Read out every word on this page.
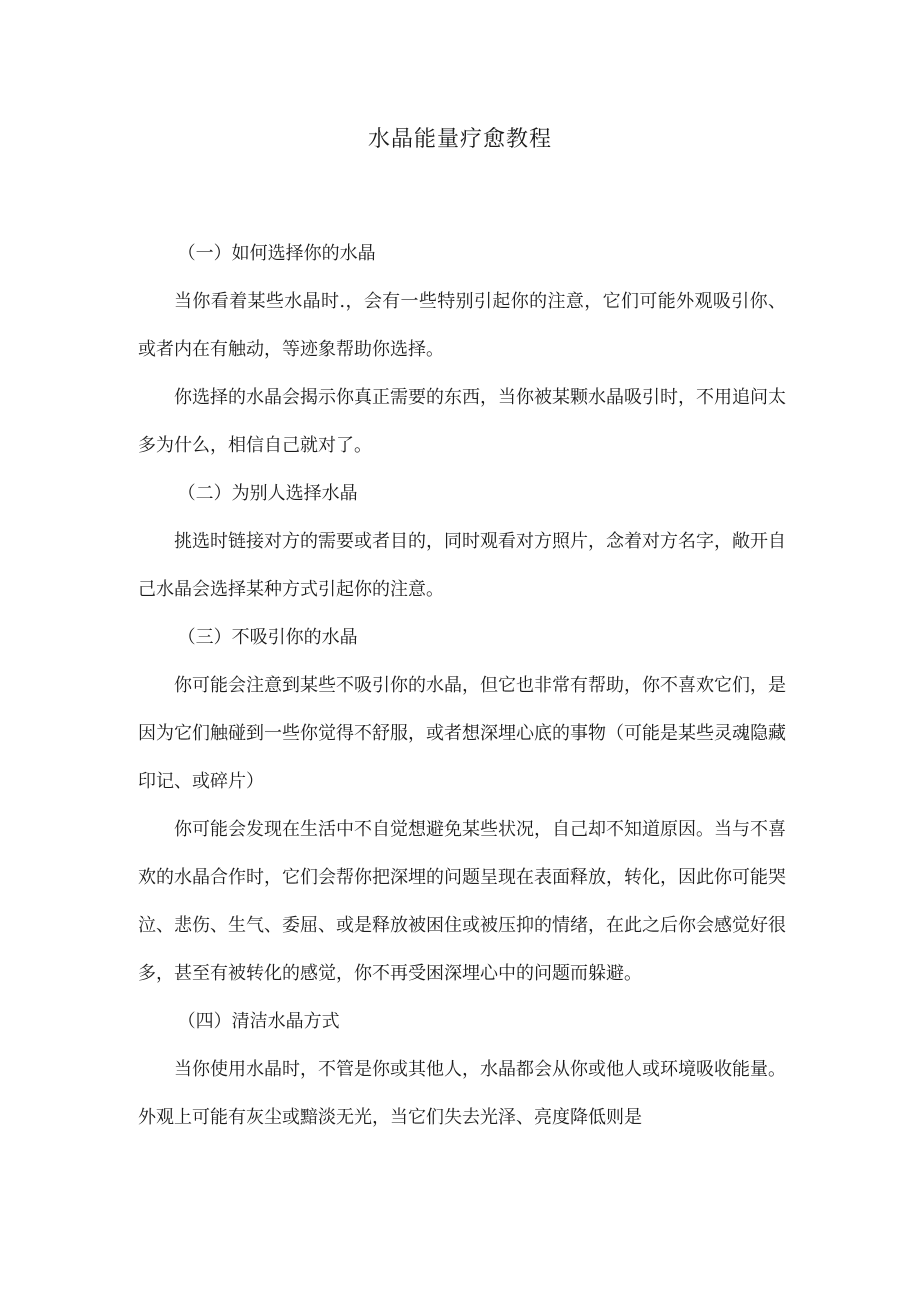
水晶能量疗愈教程

（一）如何选择你的水晶

当你看着某些水晶时.，会有一些特别引起你的注意，它们可能外观吸引你、或者内在有触动，等迹象帮助你选择。

你选择的水晶会揭示你真正需要的东西，当你被某颗水晶吸引时，不用追问太多为什么，相信自己就对了。

（二）为别人选择水晶

挑选时链接对方的需要或者目的，同时观看对方照片，念着对方名字，敞开自己水晶会选择某种方式引起你的注意。

（三）不吸引你的水晶

你可能会注意到某些不吸引你的水晶，但它也非常有帮助，你不喜欢它们，是因为它们触碰到一些你觉得不舒服，或者想深埋心底的事物（可能是某些灵魂隐藏印记、或碎片）

你可能会发现在生活中不自觉想避免某些状况，自己却不知道原因。当与不喜欢的水晶合作时，它们会帮你把深埋的问题呈现在表面释放，转化，因此你可能哭泣、悲伤、生气、委屈、或是释放被困住或被压抑的情绪，在此之后你会感觉好很多，甚至有被转化的感觉，你不再受困深埋心中的问题而躲避。

（四）清洁水晶方式

当你使用水晶时，不管是你或其他人，水晶都会从你或他人或环境吸收能量。外观上可能有灰尘或黯淡无光，当它们失去光泽、亮度降低则是
